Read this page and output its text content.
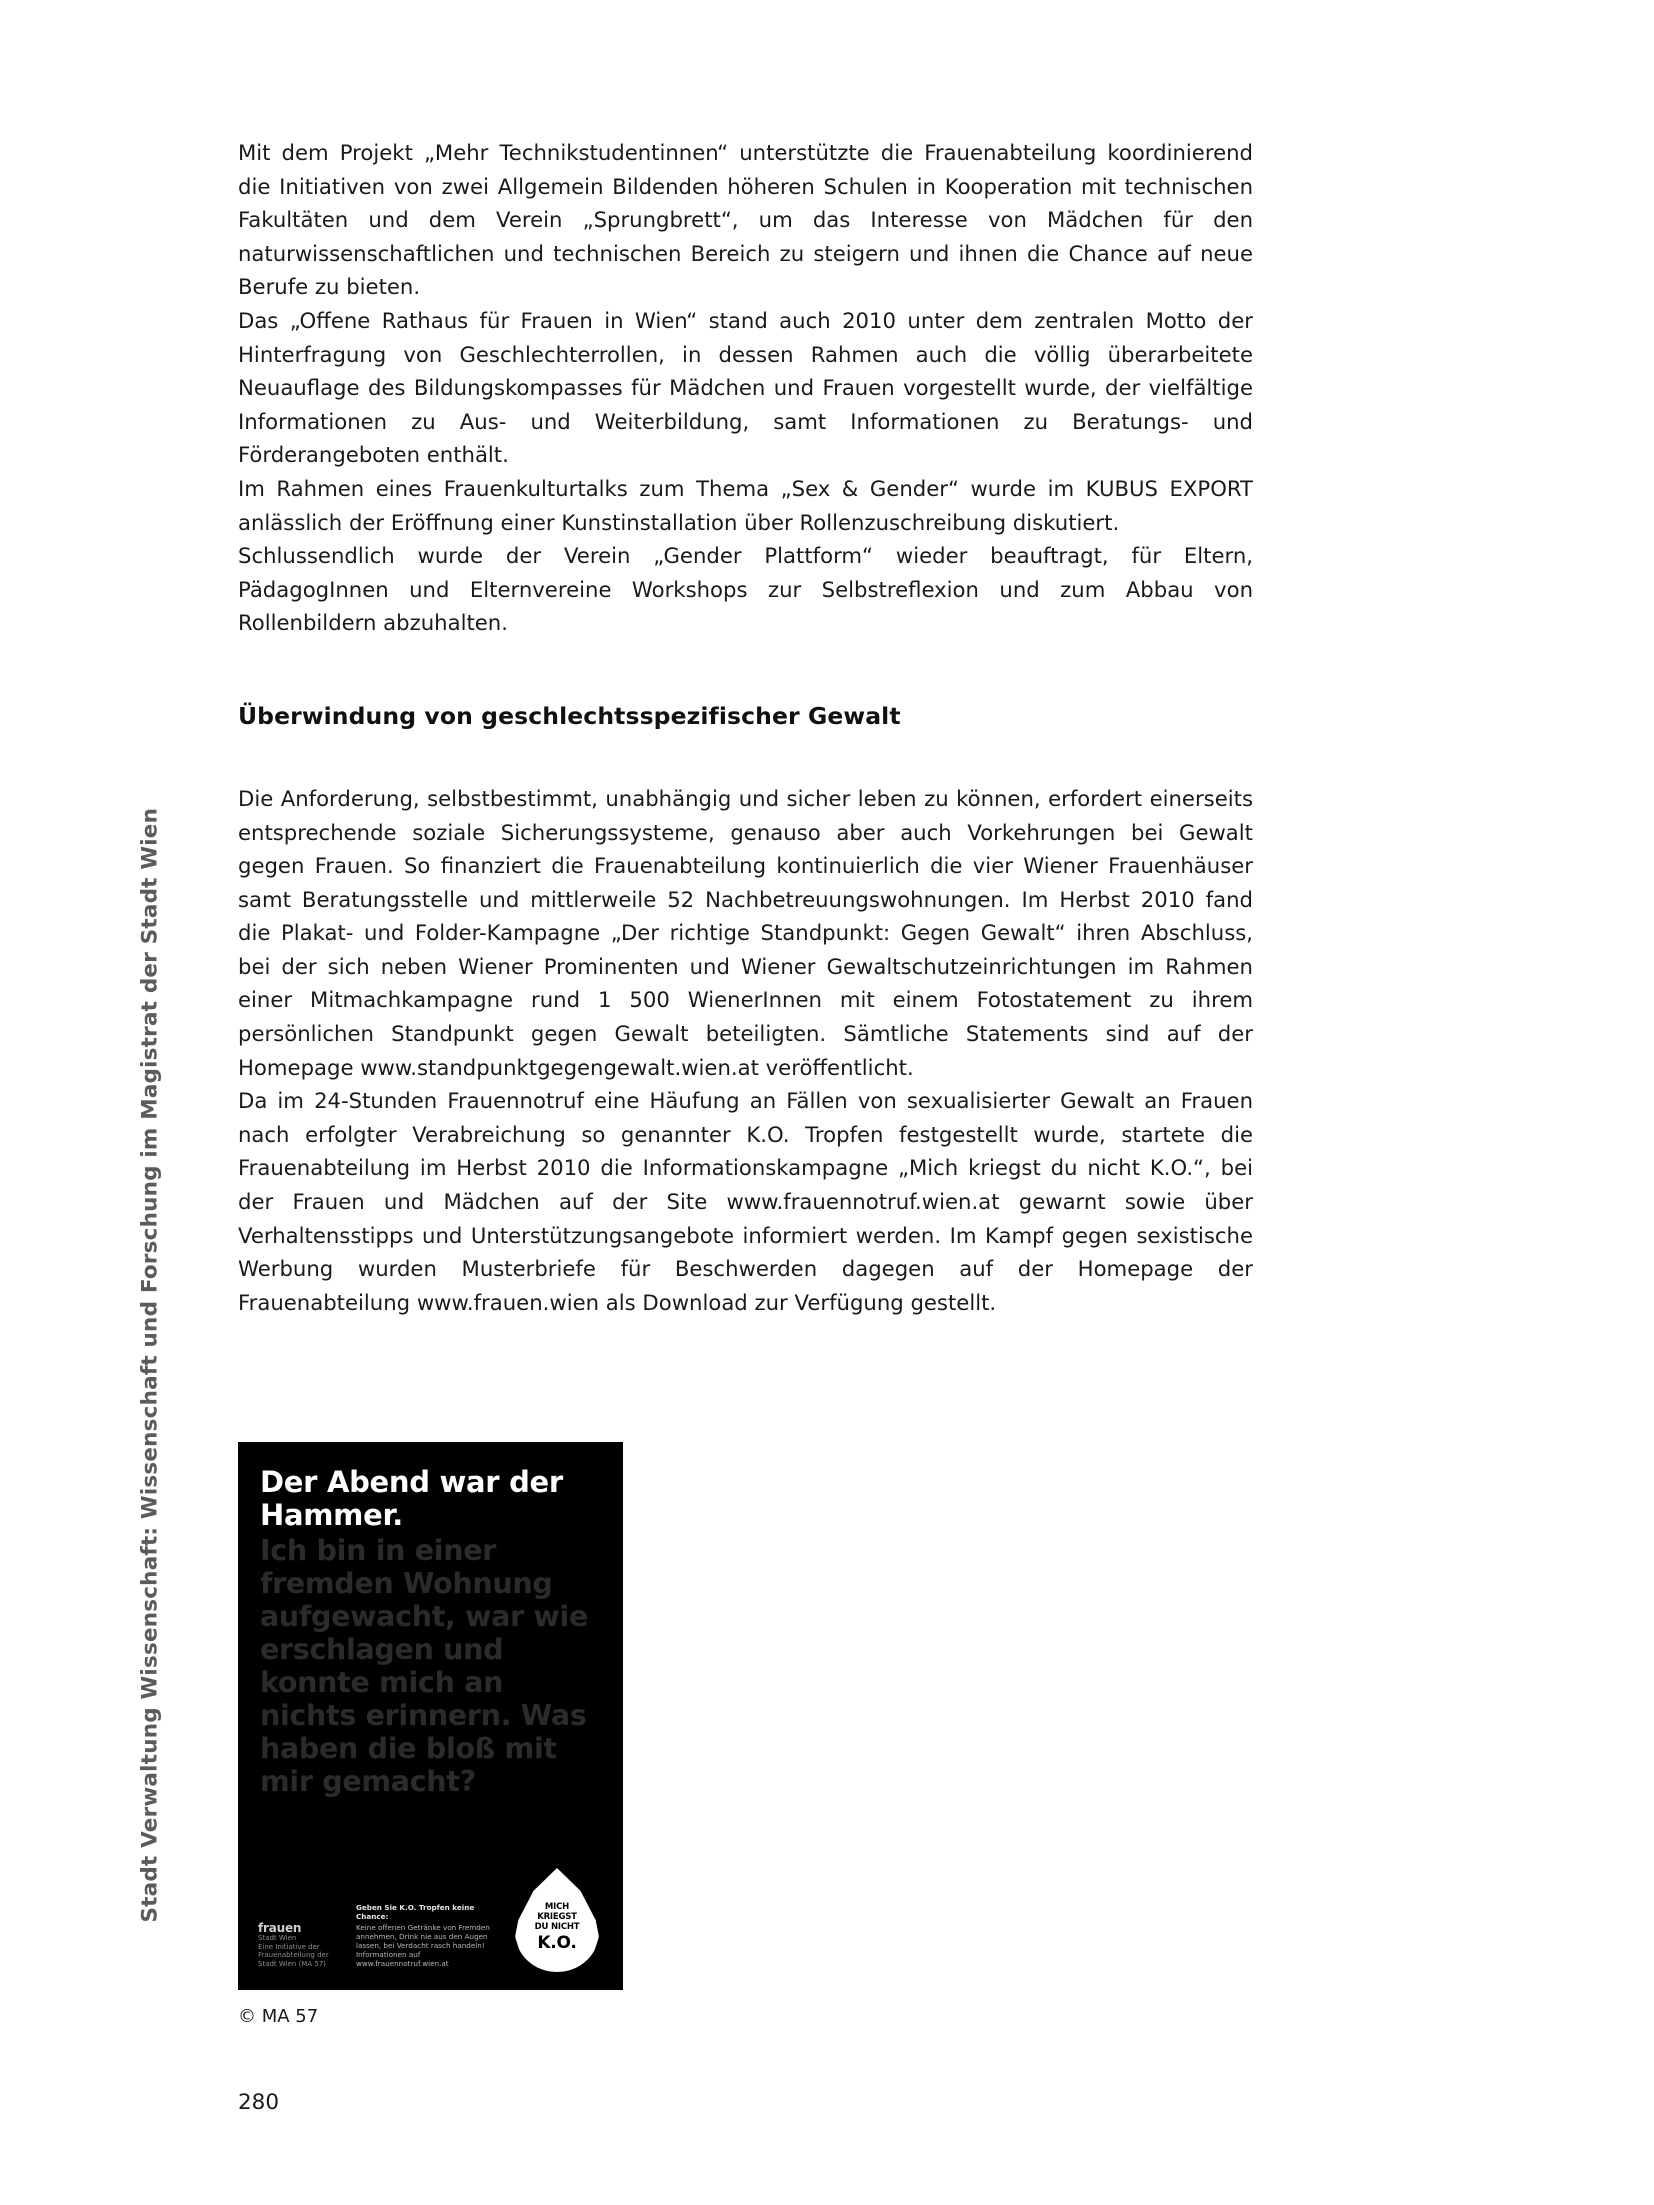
Stadt Verwaltung Wissenschaft: Wissenschaft und Forschung im Magistrat der Stadt Wien

Mit dem Projekt „Mehr Technikstudentinnen“ unterstützte die Frauenabteilung koordinierend die Initiativen von zwei Allgemein Bildenden höheren Schulen in Kooperation mit technischen Fakultäten und dem Verein „Sprungbrett“, um das Interesse von Mädchen für den naturwissenschaftlichen und technischen Bereich zu steigern und ihnen die Chance auf neue Berufe zu bieten.

Das „Offene Rathaus für Frauen in Wien“ stand auch 2010 unter dem zentralen Motto der Hinterfragung von Geschlechterrollen, in dessen Rahmen auch die völlig überarbeitete Neuauflage des Bildungskompasses für Mädchen und Frauen vorgestellt wurde, der vielfältige Informationen zu Aus- und Weiterbildung, samt Informationen zu Beratungs- und Förderangeboten enthält.

Im Rahmen eines Frauenkulturtalks zum Thema „Sex & Gender“ wurde im KUBUS EXPORT anlässlich der Eröffnung einer Kunstinstallation über Rollenzuschreibung diskutiert.

Schlussendlich wurde der Verein „Gender Plattform“ wieder beauftragt, für Eltern, PädagogInnen und Elternvereine Workshops zur Selbstreflexion und zum Abbau von Rollenbildern abzuhalten.

Überwindung von geschlechtsspezifischer Gewalt

Die Anforderung, selbstbestimmt, unabhängig und sicher leben zu können, erfordert einerseits entsprechende soziale Sicherungssysteme, genauso aber auch Vorkehrungen bei Gewalt gegen Frauen. So finanziert die Frauenabteilung kontinuierlich die vier Wiener Frauenhäuser samt Beratungsstelle und mittlerweile 52 Nachbetreuungswohnungen. Im Herbst 2010 fand die Plakat- und Folder-Kampagne „Der richtige Standpunkt: Gegen Gewalt“ ihren Abschluss, bei der sich neben Wiener Prominenten und Wiener Gewaltschutzeinrichtungen im Rahmen einer Mitmachkampagne rund 1 500 WienerInnen mit einem Fotostatement zu ihrem persönlichen Standpunkt gegen Gewalt beteiligten. Sämtliche Statements sind auf der Homepage www.standpunktgegengewalt.wien.at veröffentlicht.

Da im 24-Stunden Frauennotruf eine Häufung an Fällen von sexualisierter Gewalt an Frauen nach erfolgter Verabreichung so genannter K.O. Tropfen festgestellt wurde, startete die Frauenabteilung im Herbst 2010 die Informationskampagne „Mich kriegst du nicht K.O.“, bei der Frauen und Mädchen auf der Site www.frauennotruf.wien.at gewarnt sowie über Verhaltensstipps und Unterstützungsangebote informiert werden. Im Kampf gegen sexistische Werbung wurden Musterbriefe für Beschwerden dagegen auf der Homepage der Frauenabteilung www.frauen.wien als Download zur Verfügung gestellt.

Der Abend war der Hammer.
Ich bin in einer fremden Wohnung aufgewacht, war wie erschlagen und konnte mich an nichts erinnern. Was haben die bloß mit mir gemacht?
frauen
Stadt Wien
Eine Initiative der Frauenabteilung der Stadt Wien (MA 57)
Geben Sie K.O. Tropfen keine Chance:
Keine offenen Getränke von Fremden annehmen, Drink nie aus den Augen lassen, bei Verdacht rasch handeln! Informationen auf www.frauennotruf.wien.at
MICH
KRIEGST
DU NICHT
K.O.
© MA 57
280
